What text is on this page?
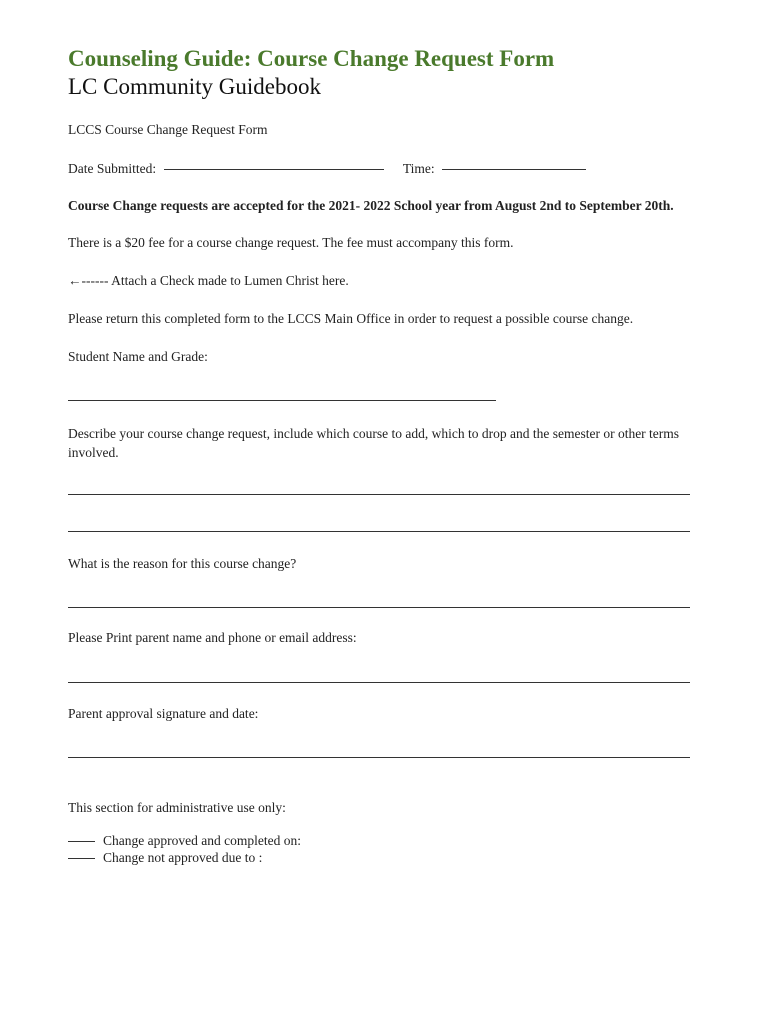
Counseling Guide: Course Change Request Form
LC Community Guidebook
LCCS Course Change Request Form
Date Submitted:	Time:
Course Change requests are accepted for the 2021- 2022 School year from August 2nd to September 20th.
There is a $20 fee for a course change request. The fee must accompany this form.
←------ Attach a Check made to Lumen Christ here.
Please return this completed form to the LCCS Main Office in order to request a possible course change.
Student Name and Grade:
Describe your course change request, include which course to add, which to drop and the semester or other terms involved.
What is the reason for this course change?
Please Print parent name and phone or email address:
Parent approval signature and date:
This section for administrative use only:
Change approved and completed on:
Change not approved due to :
